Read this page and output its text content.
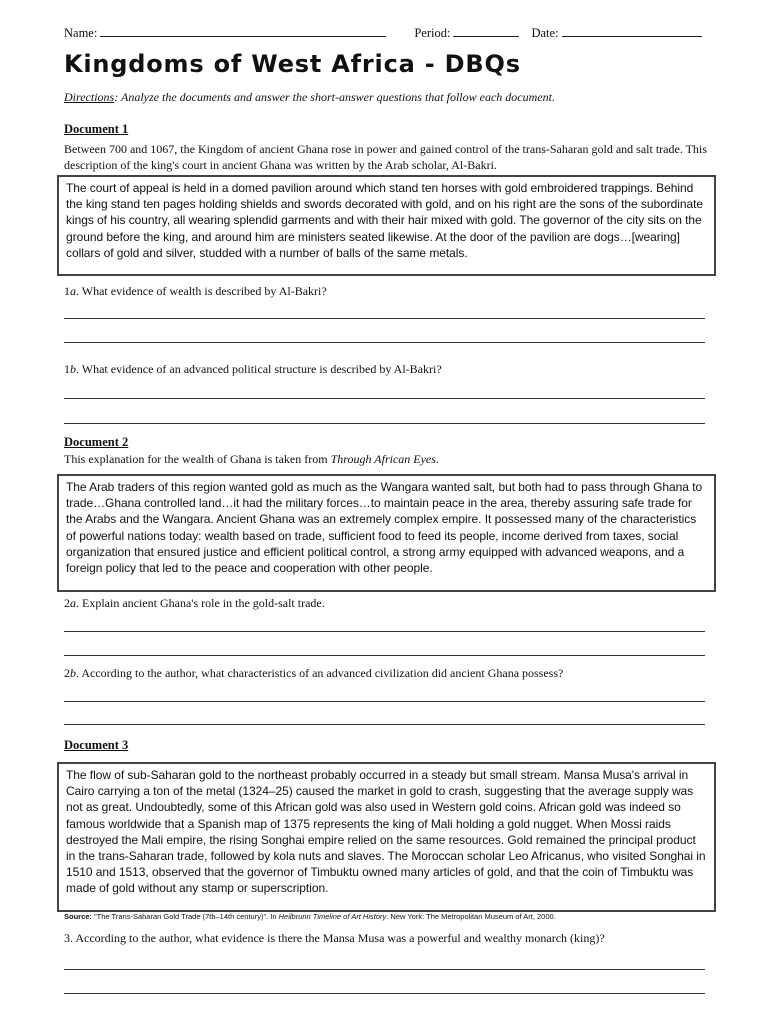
Name:	Period:	Date:
Kingdoms of West Africa - DBQs
Directions: Analyze the documents and answer the short-answer questions that follow each document.
Document 1
Between 700 and 1067, the Kingdom of ancient Ghana rose in power and gained control of the trans-Saharan gold and salt trade. This description of the king's court in ancient Ghana was written by the Arab scholar, Al-Bakri.
The court of appeal is held in a domed pavilion around which stand ten horses with gold embroidered trappings. Behind the king stand ten pages holding shields and swords decorated with gold, and on his right are the sons of the subordinate kings of his country, all wearing splendid garments and with their hair mixed with gold. The governor of the city sits on the ground before the king, and around him are ministers seated likewise. At the door of the pavilion are dogs…[wearing] collars of gold and silver, studded with a number of balls of the same metals.
1a. What evidence of wealth is described by Al-Bakri?
1b. What evidence of an advanced political structure is described by Al-Bakri?
Document 2
This explanation for the wealth of Ghana is taken from Through African Eyes.
The Arab traders of this region wanted gold as much as the Wangara wanted salt, but both had to pass through Ghana to trade…Ghana controlled land…it had the military forces…to maintain peace in the area, thereby assuring safe trade for the Arabs and the Wangara. Ancient Ghana was an extremely complex empire. It possessed many of the characteristics of powerful nations today: wealth based on trade, sufficient food to feed its people, income derived from taxes, social organization that ensured justice and efficient political control, a strong army equipped with advanced weapons, and a foreign policy that led to the peace and cooperation with other people.
2a. Explain ancient Ghana's role in the gold-salt trade.
2b. According to the author, what characteristics of an advanced civilization did ancient Ghana possess?
Document 3
The flow of sub-Saharan gold to the northeast probably occurred in a steady but small stream. Mansa Musa's arrival in Cairo carrying a ton of the metal (1324–25) caused the market in gold to crash, suggesting that the average supply was not as great. Undoubtedly, some of this African gold was also used in Western gold coins. African gold was indeed so famous worldwide that a Spanish map of 1375 represents the king of Mali holding a gold nugget. When Mossi raids destroyed the Mali empire, the rising Songhai empire relied on the same resources. Gold remained the principal product in the trans-Saharan trade, followed by kola nuts and slaves. The Moroccan scholar Leo Africanus, who visited Songhai in 1510 and 1513, observed that the governor of Timbuktu owned many articles of gold, and that the coin of Timbuktu was made of gold without any stamp or superscription.
Source: "The Trans-Saharan Gold Trade (7th–14th century)". In Heilbrunn Timeline of Art History. New York: The Metropolitan Museum of Art, 2000.
3. According to the author, what evidence is there the Mansa Musa was a powerful and wealthy monarch (king)?
